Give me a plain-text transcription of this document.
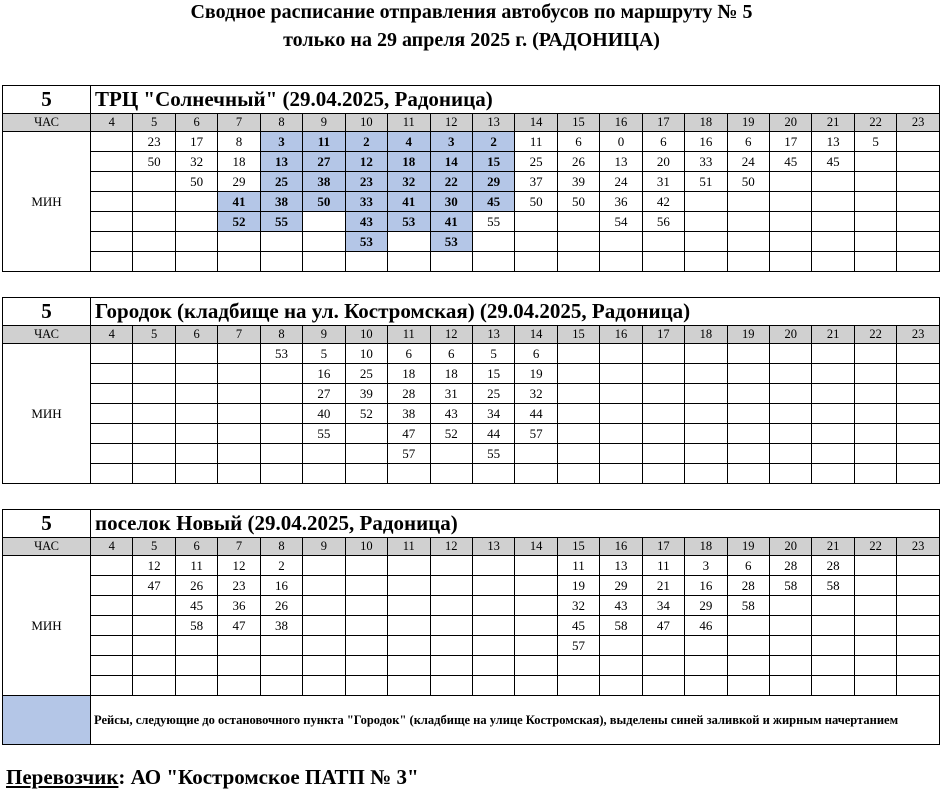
Сводное расписание отправления автобусов по маршруту № 5
только на 29 апреля 2025 г. (РАДОНИЦА)
5	ТРЦ "Солнечный" (29.04.2025, Радоница)																			
ЧАС	4	5	6	7	8	9	10	11	12	13	14	15	16	17	18	19	20	21	22	23
МИН		23	17	8	3	11	2	4	3	2	11	6	0	6	16	6	17	13	5	
		50	32	18	13	27	12	18	14	15	25	26	13	20	33	24	45	45		
			50	29	25	38	23	32	22	29	37	39	24	31	51	50				
				41	38	50	33	41	30	45	50	50	36	42						
				52	55		43	53	41	55			54	56						
							53		53											

5	Городок (кладбище на ул. Костромская) (29.04.2025, Радоница)																			
ЧАС	4	5	6	7	8	9	10	11	12	13	14	15	16	17	18	19	20	21	22	23
МИН					53	5	10	6	6	5	6									
						16	25	18	18	15	19									
						27	39	28	31	25	32									
						40	52	38	43	34	44									
						55		47	52	44	57									
								57		55										

5	поселок Новый (29.04.2025, Радоница)																			
ЧАС	4	5	6	7	8	9	10	11	12	13	14	15	16	17	18	19	20	21	22	23
МИН		12	11	12	2							11	13	11	3	6	28	28		
		47	26	23	16							19	29	21	16	28	58	58		
			45	36	26							32	43	34	29	58				
			58	47	38							45	58	47	46					
												57								

	Рейсы, следующие до остановочного пункта "Городок" (кладбище на улице Костромская), выделены синей заливкой и жирным начертанием																			
Перевозчик: АО "Костромское ПАТП № 3"
